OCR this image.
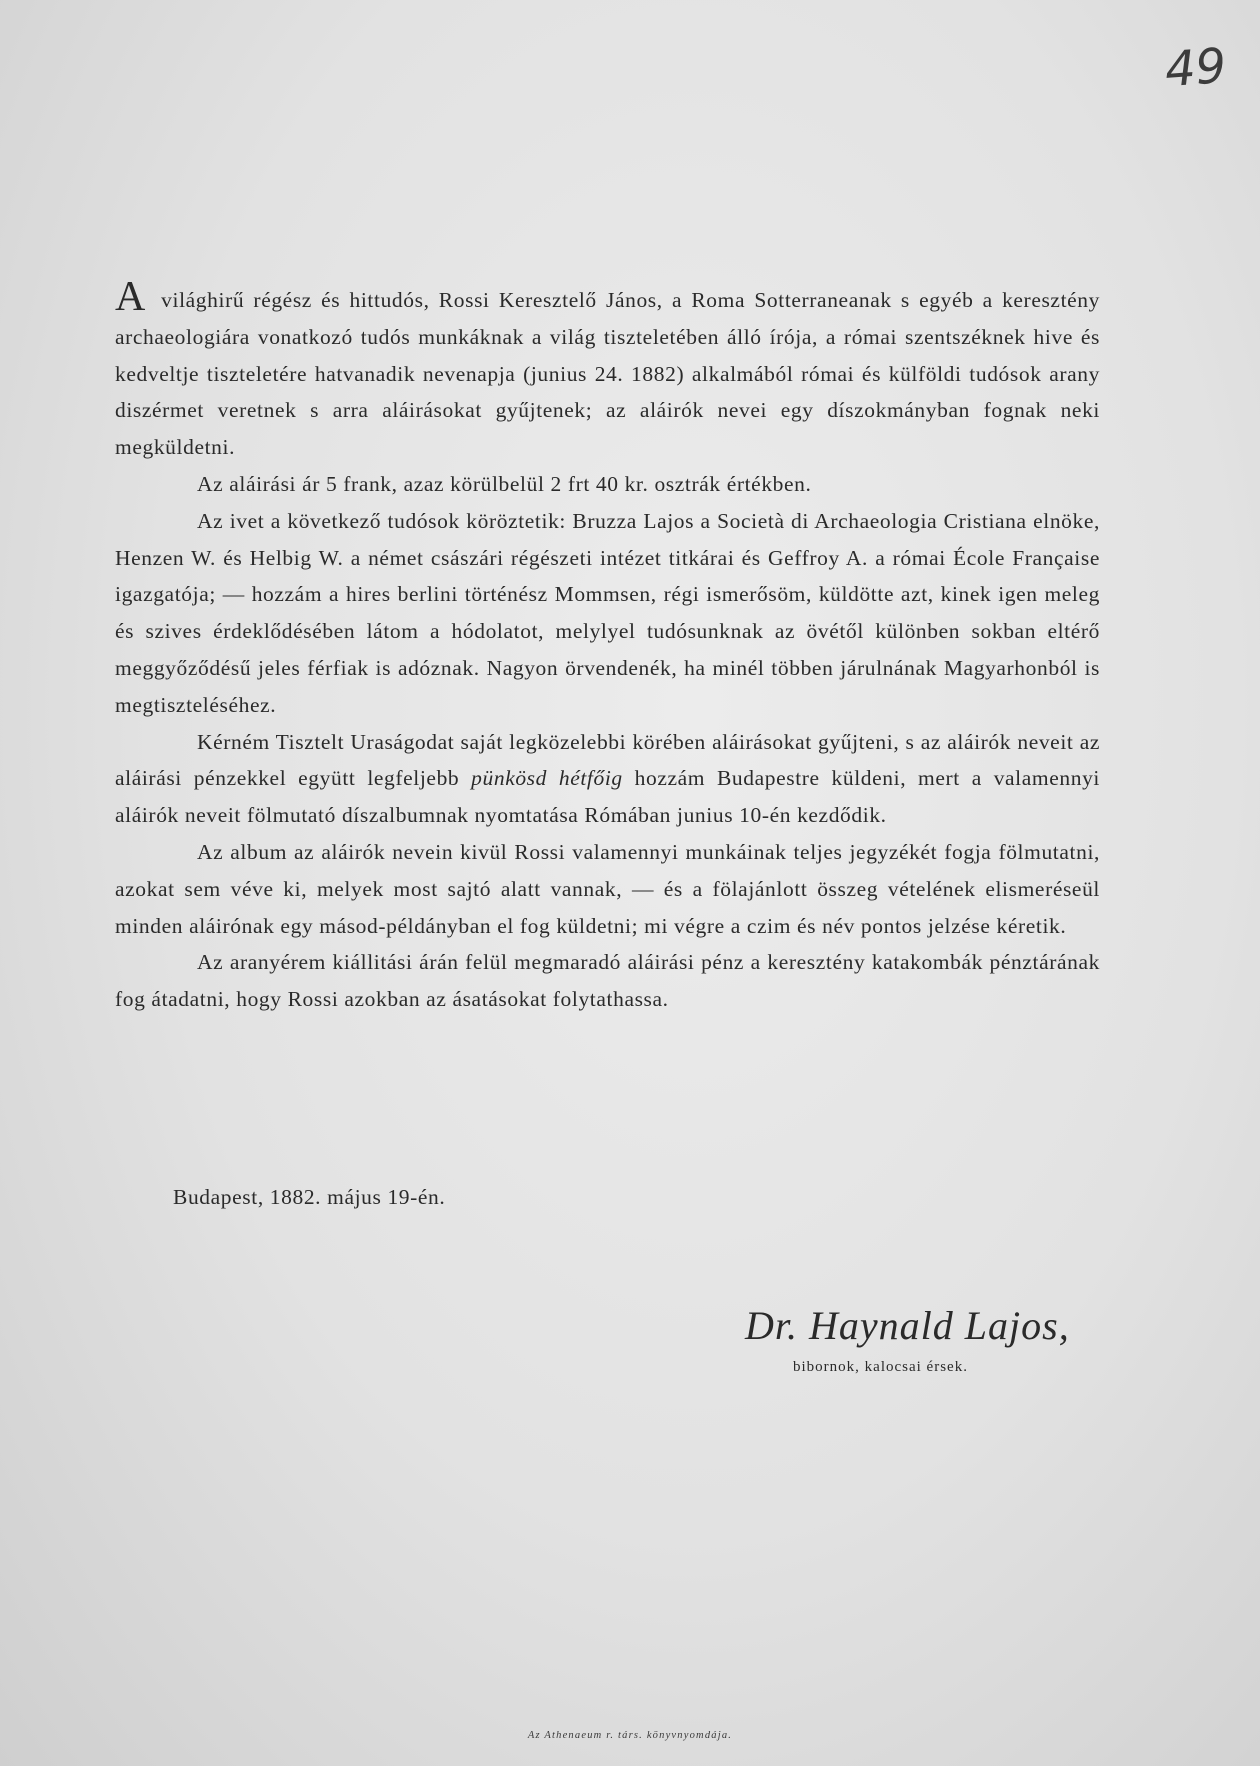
49

A világhirű régész és hittudós, Rossi Keresztelő János, a Roma Sotterraneanak s egyéb a keresztény archaeologiára vonatkozó tudós munkáknak a világ tiszteletében álló írója, a római szentszéknek hive és kedveltje tiszteletére hatvanadik nevenapja (junius 24. 1882) alkalmából római és külföldi tudósok arany diszérmet veretnek s arra aláirásokat gyűjtenek; az aláirók nevei egy díszokmányban fognak neki megküldetni.

Az aláirási ár 5 frank, azaz körülbelül 2 frt 40 kr. osztrák értékben.

Az ivet a következő tudósok köröztetik: Bruzza Lajos a Società di Archaeologia Cristiana elnöke, Henzen W. és Helbig W. a német császári régészeti intézet titkárai és Geffroy A. a római École Française igazgatója; — hozzám a hires berlini történész Mommsen, régi ismerősöm, küldötte azt, kinek igen meleg és szives érdeklődésében látom a hódolatot, melylyel tudósunknak az övétől különben sokban eltérő meggyőződésű jeles férfiak is adóznak. Nagyon örvendenék, ha minél többen járulnának Magyarhonból is megtiszteléséhez.

Kérném Tisztelt Uraságodat saját legközelebbi körében aláirásokat gyűjteni, s az aláirók neveit az aláirási pénzekkel együtt legfeljebb pünkösd hétfőig hozzám Budapestre küldeni, mert a valamennyi aláirók neveit fölmutató díszalbumnak nyomtatása Rómában junius 10-én kezdődik.

Az album az aláirók nevein kivül Rossi valamennyi munkáinak teljes jegyzékét fogja fölmutatni, azokat sem véve ki, melyek most sajtó alatt vannak, — és a fölajánlott összeg vételének elismeréseül minden aláirónak egy másod-példányban el fog küldetni; mi végre a czim és név pontos jelzése kéretik.

Az aranyérem kiállitási árán felül megmaradó aláirási pénz a keresztény katakombák pénztárának fog átadatni, hogy Rossi azokban az ásatásokat folytathassa.

Budapest, 1882. május 19-én.
Dr. Haynald Lajos,
bibornok, kalocsai érsek.
Az Athenaeum r. társ. könyvnyomdája.
